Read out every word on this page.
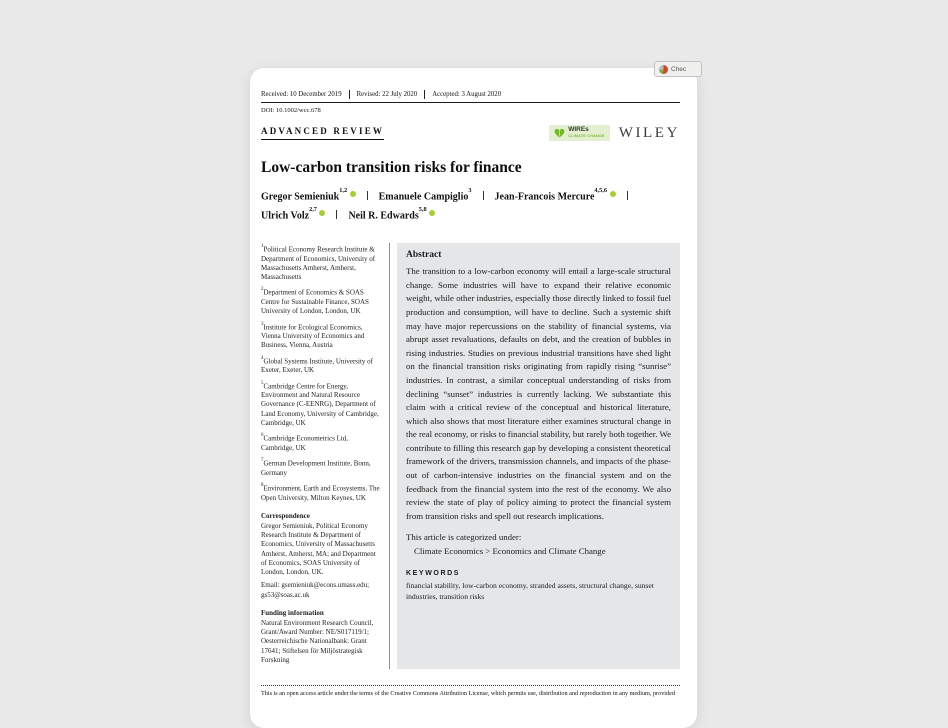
Received: 10 December 2019 Revised: 22 July 2020 Accepted: 3 August 2020
DOI: 10.1002/wcc.678
ADVANCED REVIEW	WIREs
CLIMATE CHANGE WILEY
Low-carbon transition risks for finance
Gregor Semieniuk$^{1,2}$
Emanuele Campiglio$^3$
Jean-Francois Mercure$^{4,5,6}$
Ulrich Volz$^{2,7}$
Neil R. Edwards$^{5,8}$

$^1$Political Economy Research Institute & Department of Economics, University of Massachusetts Amherst, Amherst, Massachusetts

$^2$Department of Economics & SOAS Centre for Sustainable Finance, SOAS University of London, London, UK

$^3$Institute for Ecological Economics, Vienna University of Economics and Business, Vienna, Austria

$^4$Global Systems Institute, University of Exeter, Exeter, UK

$^5$Cambridge Centre for Energy, Environment and Natural Resource Governance (C-EENRG), Department of Land Economy, University of Cambridge, Cambridge, UK

$^6$Cambridge Econometrics Ltd, Cambridge, UK

$^7$German Development Institute, Bonn, Germany

$^8$Environment, Earth and Ecosystems, The Open University, Milton Keynes, UK

Correspondence

Gregor Semieniuk, Political Economy Research Institute & Department of Economics, University of Massachusetts Amherst, Amherst, MA; and Department of Economics, SOAS University of London, London, UK.

Email: gsemieniuk@econs.umass.edu; gs53@soas.ac.uk

Funding information

Natural Environment Research Council, Grant/Award Number: NE/S017119/1; Oesterreichische Nationalbank: Grant 17641; Stiftelsen för Miljöstrategisk Forskning

Abstract

The transition to a low-carbon economy will entail a large-scale structural change. Some industries will have to expand their relative economic weight, while other industries, especially those directly linked to fossil fuel production and consumption, will have to decline. Such a systemic shift may have major repercussions on the stability of financial systems, via abrupt asset revaluations, defaults on debt, and the creation of bubbles in rising industries. Studies on previous industrial transitions have shed light on the financial transition risks originating from rapidly rising “sunrise” industries. In contrast, a similar conceptual understanding of risks from declining “sunset” industries is currently lacking. We substantiate this claim with a critical review of the conceptual and historical literature, which also shows that most literature either examines structural change in the real economy, or risks to financial stability, but rarely both together. We contribute to filling this research gap by developing a consistent theoretical framework of the drivers, transmission channels, and impacts of the phase-out of carbon-intensive industries on the financial system and on the feedback from the financial system into the rest of the economy. We also review the state of play of policy aiming to protect the financial system from transition risks and spell out research implications.

This article is categorized under:

Climate Economics > Economics and Climate Change

KEYWORDS

financial stability, low-carbon economy, stranded assets, structural change, sunset industries, transition risks

This is an open access article under the terms of the Creative Commons Attribution License, which permits use, distribution and reproduction in any medium, provided
Chec
